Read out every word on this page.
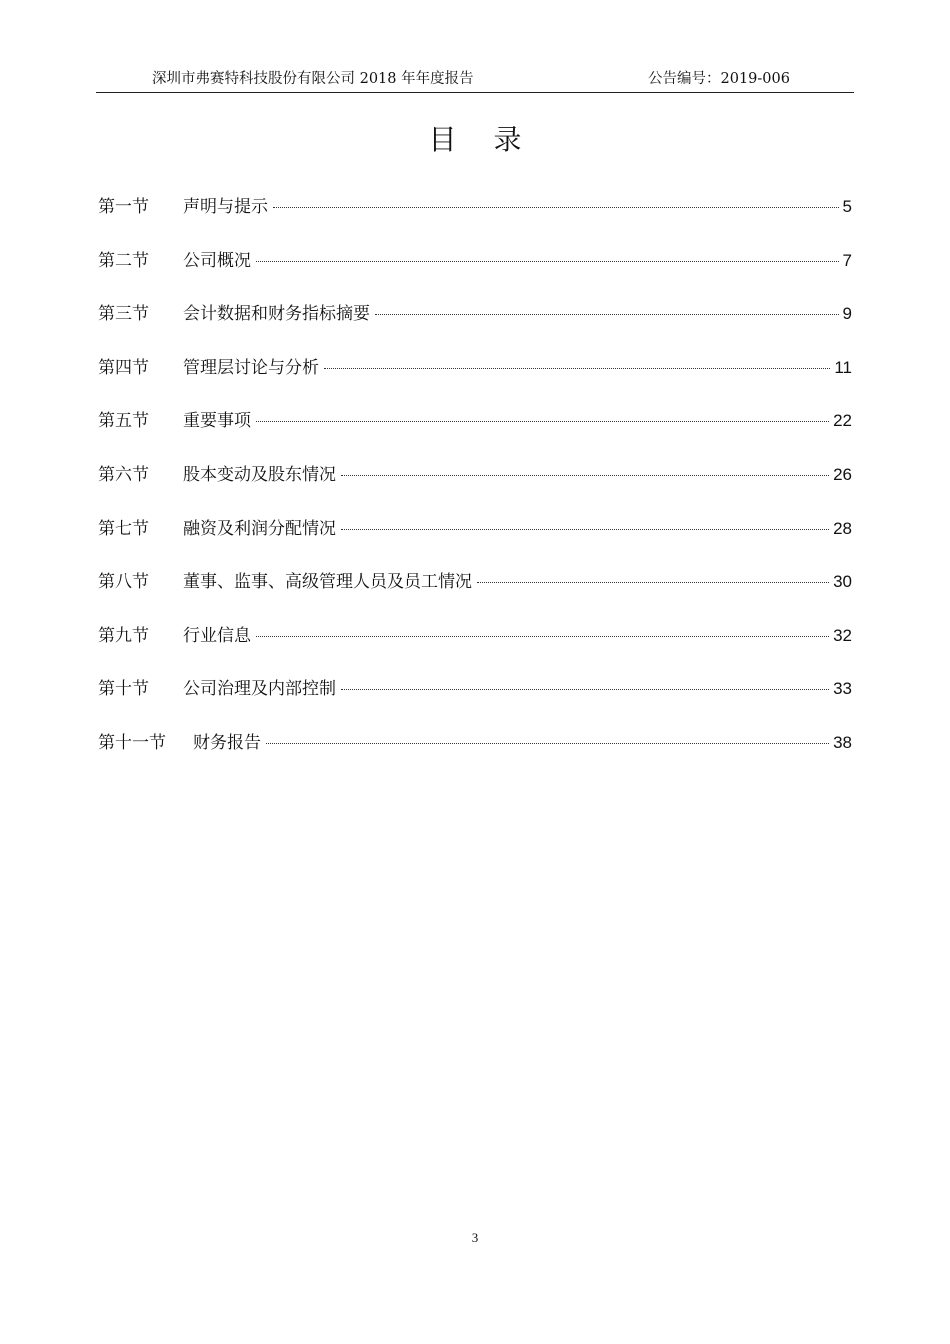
深圳市弗赛特科技股份有限公司 2018 年年度报告	公告编号：2019-006
目 录
第一节	声明与提示	5
第二节	公司概况	7
第三节	会计数据和财务指标摘要	9
第四节	管理层讨论与分析	11
第五节	重要事项	22
第六节	股本变动及股东情况	26
第七节	融资及利润分配情况	28
第八节	董事、监事、高级管理人员及员工情况	30
第九节	行业信息	32
第十节	公司治理及内部控制	33
第十一节	财务报告	38
3
